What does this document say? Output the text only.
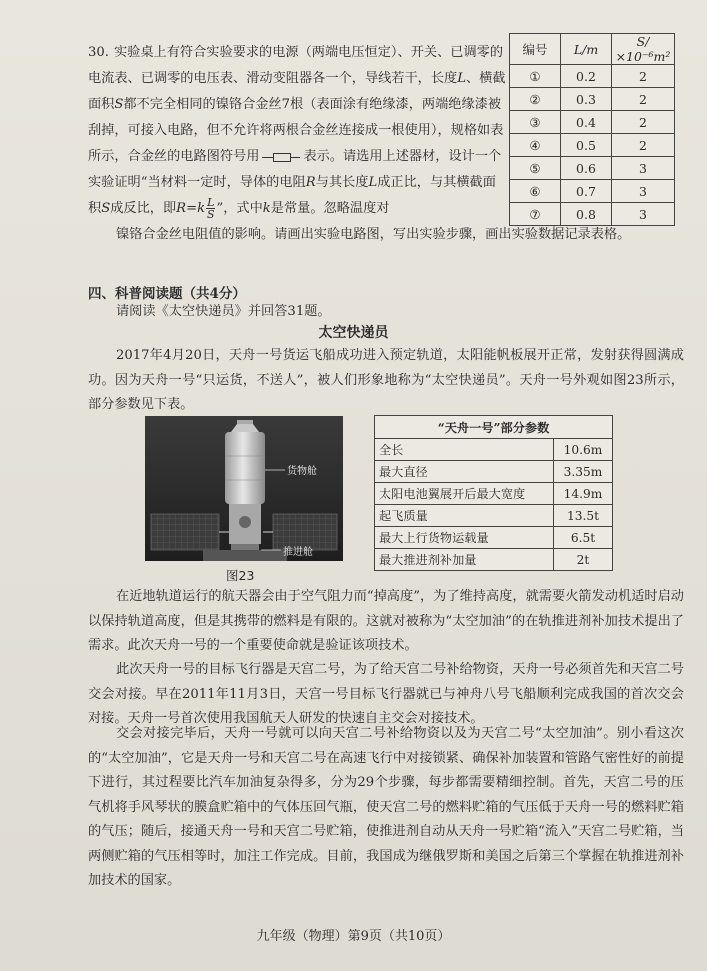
30. 实验桌上有符合实验要求的电源（两端电压恒定）、开关、已调零的电流表、已调零的电压表、滑动变阻器各一个，导线若干，长度L、横截面积S都不完全相同的镍铬合金丝7根（表面涂有绝缘漆，两端绝缘漆被刮掉，可接入电路，但不允许将两根合金丝连接成一根使用），规格如表所示，合金丝的电路图符号用	表示。请选用上述器材，设计一个实验证明“当材料一定时，导体的电阻R与其长度L成正比，与其横截面积S成反比，即$R=k \frac{L}{S}$ ”，式中k是常量。忽略温度对
镍铬合金丝电阻值的影响。请画出实验电路图，写出实验步骤，画出实验数据记录表格。
编号	L/m	S/×10⁻⁶m²
①	0.2	2
②	0.3	2
③	0.4	2
④	0.5	2
⑤	0.6	3
⑥	0.7	3
⑦	0.8	3
四、科普阅读题（共4分）
请阅读《太空快递员》并回答31题。
太空快递员
2017年4月20日，天舟一号货运飞船成功进入预定轨道，太阳能帆板展开正常，发射获得圆满成功。因为天舟一号“只运货，不送人”，被人们形象地称为“太空快递员”。天舟一号外观如图23所示，部分参数见下表。
货物舱
推进舱
图23
“天舟一号”部分参数	
全长	10.6m
最大直径	3.35m
太阳电池翼展开后最大宽度	14.9m
起飞质量	13.5t
最大上行货物运载量	6.5t
最大推进剂补加量	2t
在近地轨道运行的航天器会由于空气阻力而“掉高度”，为了维持高度，就需要火箭发动机适时启动以保持轨道高度，但是其携带的燃料是有限的。这就对被称为“太空加油”的在轨推进剂补加技术提出了需求。此次天舟一号的一个重要使命就是验证该项技术。
此次天舟一号的目标飞行器是天宫二号，为了给天宫二号补给物资，天舟一号必须首先和天宫二号交会对接。早在2011年11月3日，天宫一号目标飞行器就已与神舟八号飞船顺利完成我国的首次交会对接。天舟一号首次使用我国航天人研发的快速自主交会对接技术。
交会对接完毕后，天舟一号就可以向天宫二号补给物资以及为天宫二号“太空加油”。别小看这次的“太空加油”，它是天舟一号和天宫二号在高速飞行中对接锁紧、确保补加装置和管路气密性好的前提下进行，其过程要比汽车加油复杂得多，分为29个步骤，每步都需要精细控制。首先，天宫二号的压气机将手风琴状的膜盒贮箱中的气体压回气瓶，使天宫二号的燃料贮箱的气压低于天舟一号的燃料贮箱的气压；随后，接通天舟一号和天宫二号贮箱，使推进剂自动从天舟一号贮箱“流入”天宫二号贮箱，当两侧贮箱的气压相等时，加注工作完成。目前，我国成为继俄罗斯和美国之后第三个掌握在轨推进剂补加技术的国家。
九年级（物理）第9页（共10页）
